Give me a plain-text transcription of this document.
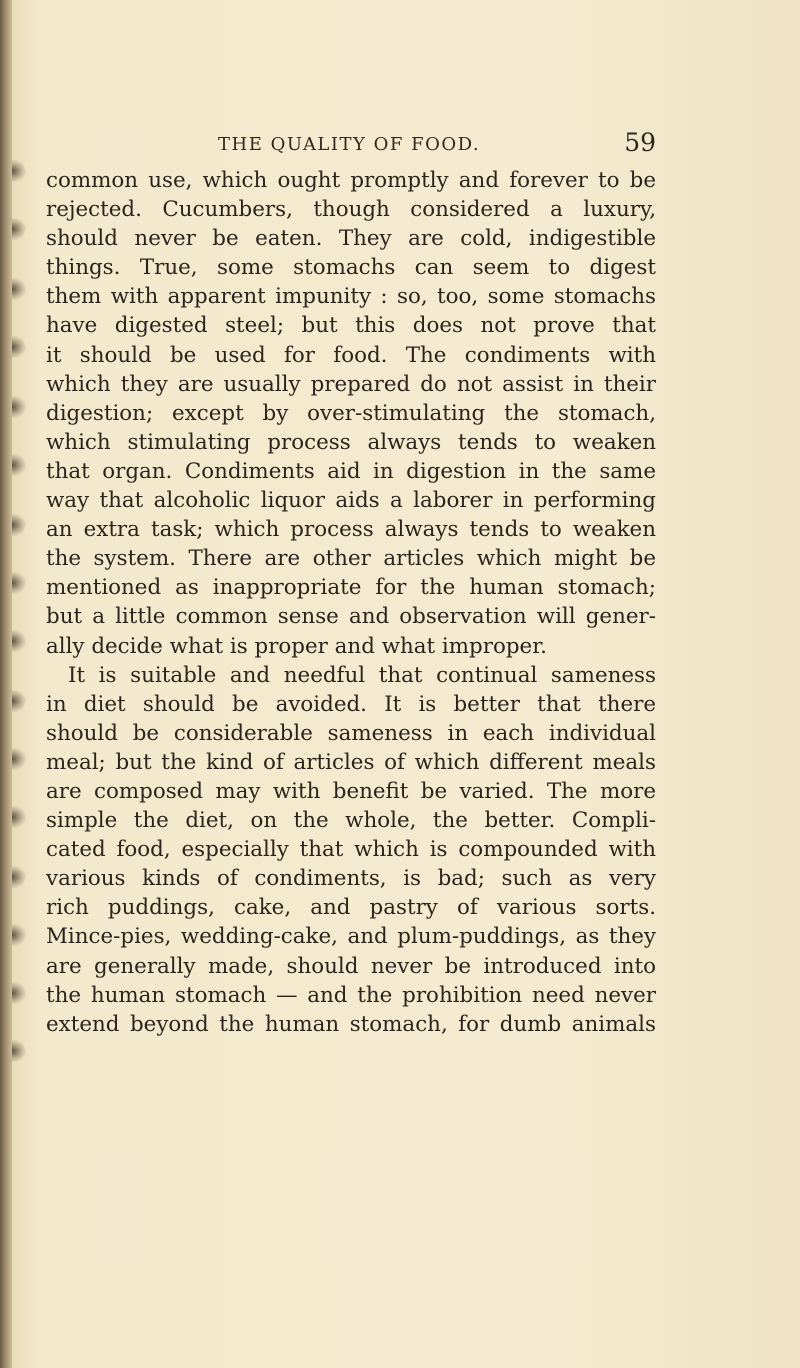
THE QUALITY OF FOOD.	59
common use, which ought promptly and forever to be
rejected. Cucumbers, though considered a luxury,
should never be eaten. They are cold, indigestible
things. True, some stomachs can seem to digest
them with apparent impunity : so, too, some stomachs
have digested steel; but this does not prove that
it should be used for food. The condiments with
which they are usually prepared do not assist in their
digestion; except by over-stimulating the stomach,
which stimulating process always tends to weaken
that organ. Condiments aid in digestion in the same
way that alcoholic liquor aids a laborer in performing
an extra task; which process always tends to weaken
the system. There are other articles which might be
mentioned as inappropriate for the human stomach;
but a little common sense and observation will gener-
ally decide what is proper and what improper.
It is suitable and needful that continual sameness
in diet should be avoided. It is better that there
should be considerable sameness in each individual
meal; but the kind of articles of which different meals
are composed may with benefit be varied. The more
simple the diet, on the whole, the better. Compli-
cated food, especially that which is compounded with
various kinds of condiments, is bad; such as very
rich puddings, cake, and pastry of various sorts.
Mince-pies, wedding-cake, and plum-puddings, as they
are generally made, should never be introduced into
the human stomach — and the prohibition need never
extend beyond the human stomach, for dumb animals
